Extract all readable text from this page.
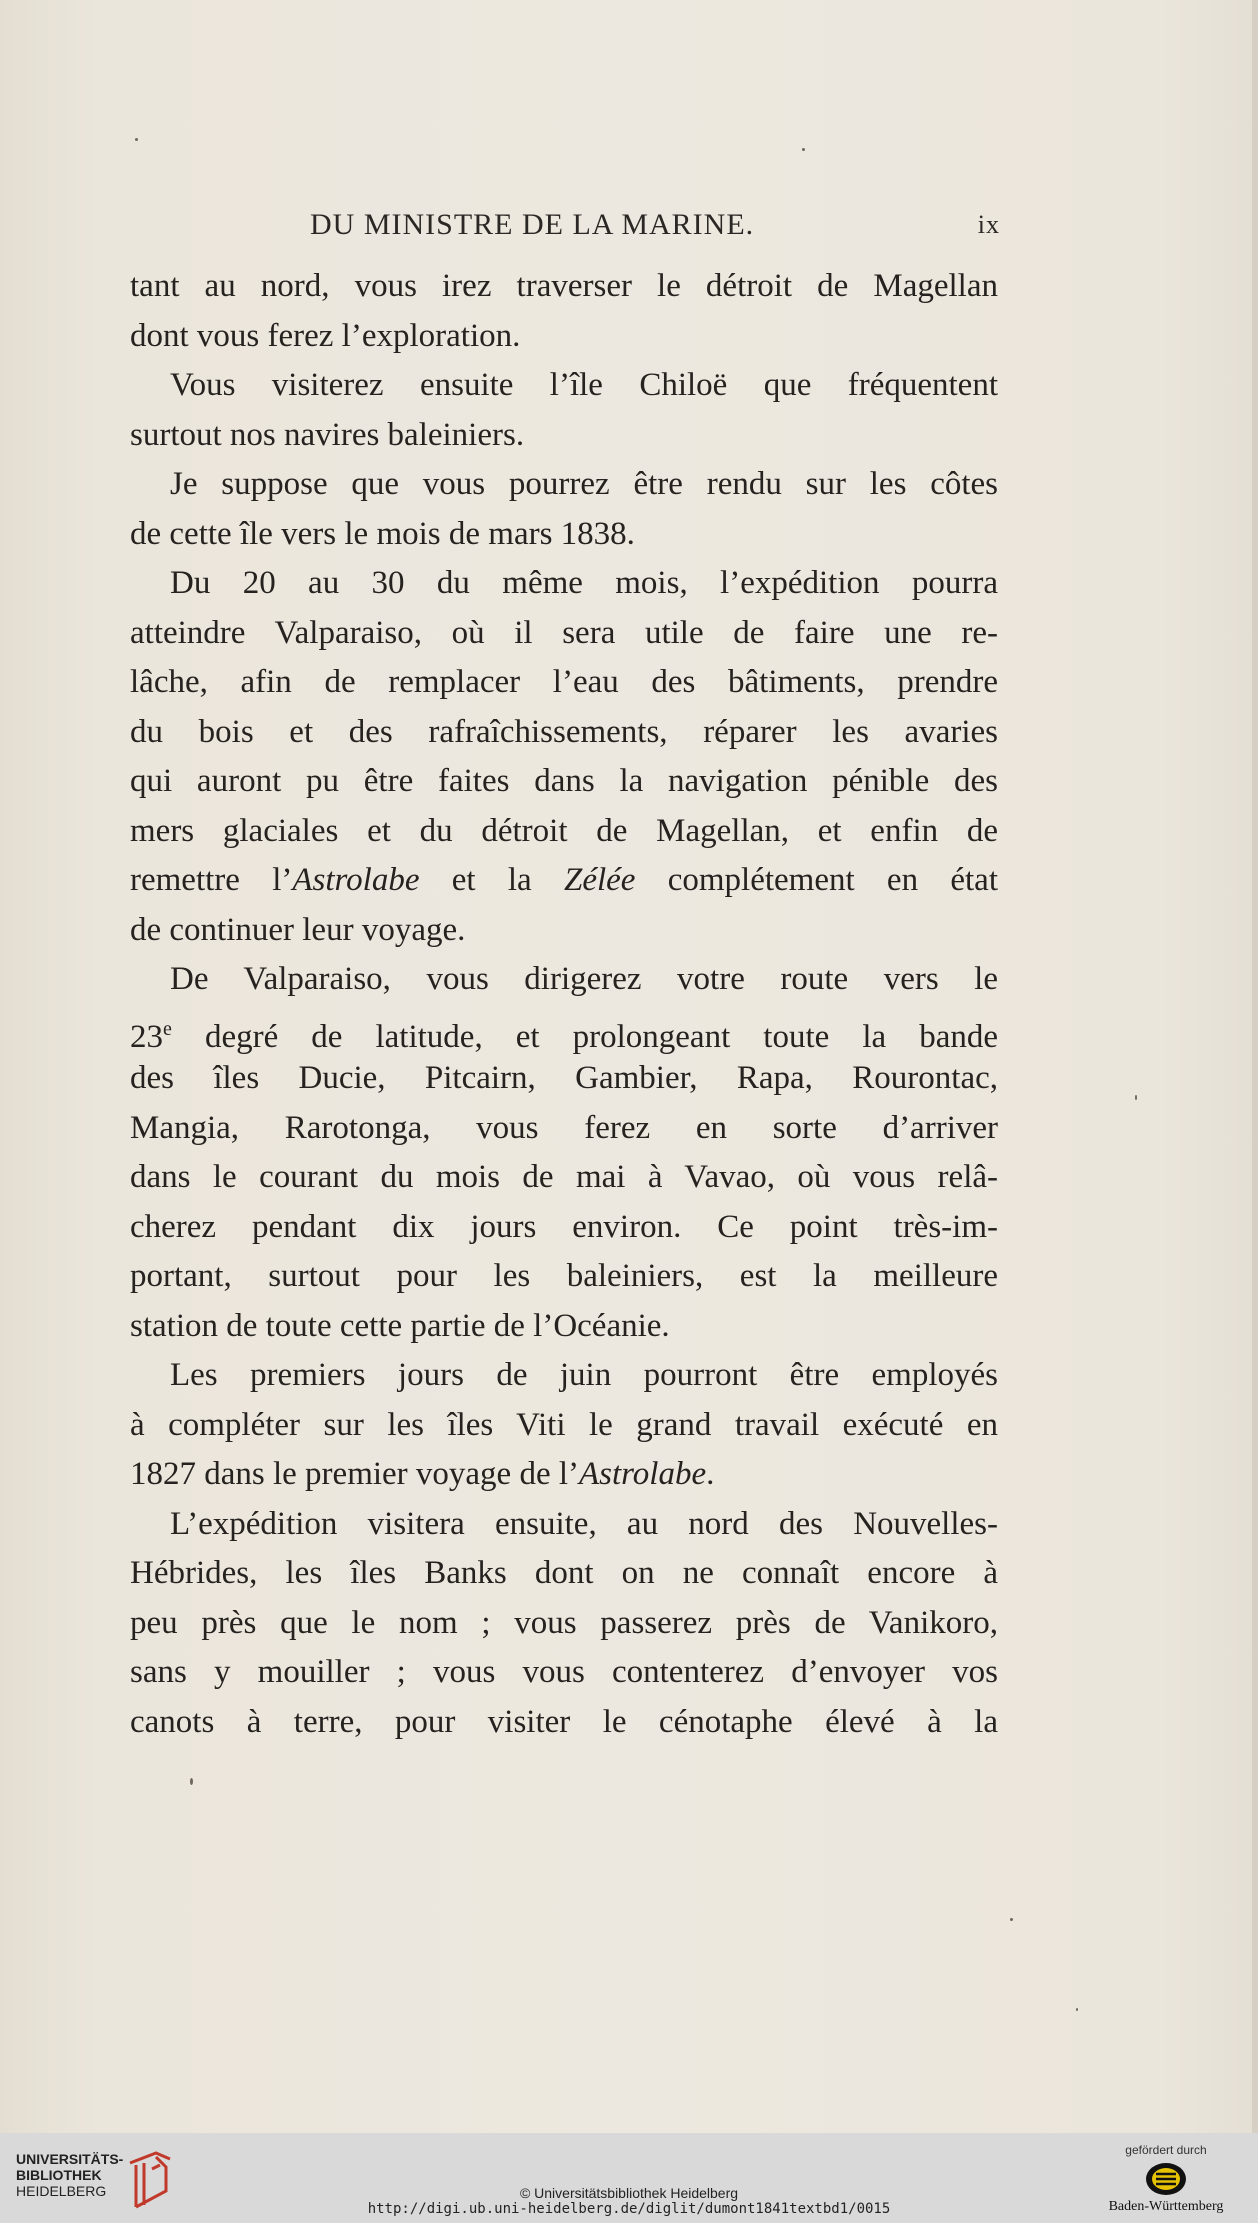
DU MINISTRE DE LA MARINE.	ix
tant au nord, vous irez traverser le détroit de Magellan
dont vous ferez l’exploration.
Vous visiterez ensuite l’île Chiloë que fréquentent
surtout nos navires baleiniers.
Je suppose que vous pourrez être rendu sur les côtes
de cette île vers le mois de mars 1838.
Du 20 au 30 du même mois, l’expédition pourra
atteindre Valparaiso, où il sera utile de faire une re-
lâche, afin de remplacer l’eau des bâtiments, prendre
du bois et des rafraîchissements, réparer les avaries
qui auront pu être faites dans la navigation pénible des
mers glaciales et du détroit de Magellan, et enfin de
remettre l’Astrolabe et la Zélée complétement en état
de continuer leur voyage.
De Valparaiso, vous dirigerez votre route vers le
23e degré de latitude, et prolongeant toute la bande
des îles Ducie, Pitcairn, Gambier, Rapa, Rourontac,
Mangia, Rarotonga, vous ferez en sorte d’arriver
dans le courant du mois de mai à Vavao, où vous relâ-
cherez pendant dix jours environ. Ce point très-im-
portant, surtout pour les baleiniers, est la meilleure
station de toute cette partie de l’Océanie.
Les premiers jours de juin pourront être employés
à compléter sur les îles Viti le grand travail exécuté en
1827 dans le premier voyage de l’Astrolabe.
L’expédition visitera ensuite, au nord des Nouvelles-
Hébrides, les îles Banks dont on ne connaît encore à
peu près que le nom ; vous passerez près de Vanikoro,
sans y mouiller ; vous vous contenterez d’envoyer vos
canots à terre, pour visiter le cénotaphe élevé à la
UNIVERSITÄTS-
BIBLIOTHEK
HEIDELBERG	© Universitätsbibliothek Heidelberg
http://digi.ub.uni-heidelberg.de/diglit/dumont1841textbd1/0015
gefördert durch
Baden-Württemberg
